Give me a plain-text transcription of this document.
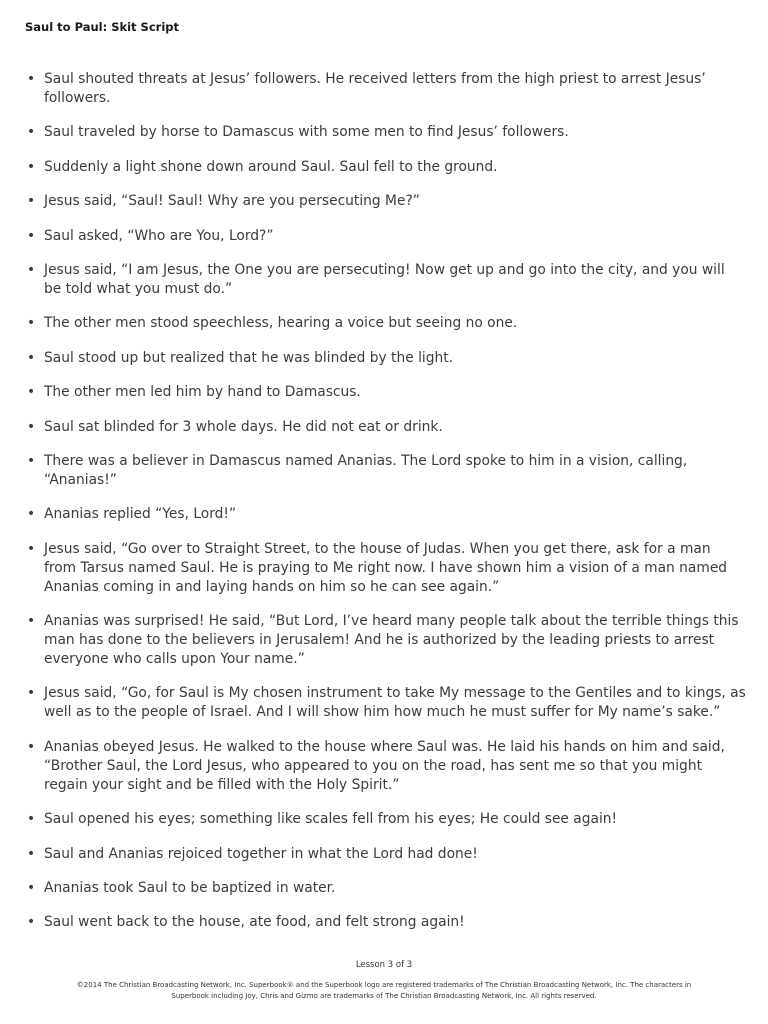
Saul to Paul: Skit Script
• Saul shouted threats at Jesus’ followers. He received letters from the high priest to arrest Jesus’ followers.
• Saul traveled by horse to Damascus with some men to find Jesus’ followers.
• Suddenly a light shone down around Saul. Saul fell to the ground.
• Jesus said, “Saul! Saul! Why are you persecuting Me?”
• Saul asked, “Who are You, Lord?”
• Jesus said, “I am Jesus, the One you are persecuting! Now get up and go into the city, and you will be told what you must do.”
• The other men stood speechless, hearing a voice but seeing no one.
• Saul stood up but realized that he was blinded by the light.
• The other men led him by hand to Damascus.
• Saul sat blinded for 3 whole days. He did not eat or drink.
• There was a believer in Damascus named Ananias. The Lord spoke to him in a vision, calling, “Ananias!”
• Ananias replied “Yes, Lord!”
• Jesus said, “Go over to Straight Street, to the house of Judas. When you get there, ask for a man from Tarsus named Saul. He is praying to Me right now. I have shown him a vision of a man named Ananias coming in and laying hands on him so he can see again.”
• Ananias was surprised! He said, “But Lord, I’ve heard many people talk about the terrible things this man has done to the believers in Jerusalem! And he is authorized by the leading priests to arrest everyone who calls upon Your name.”
• Jesus said, “Go, for Saul is My chosen instrument to take My message to the Gentiles and to kings, as well as to the people of Israel. And I will show him how much he must suffer for My name’s sake.”
• Ananias obeyed Jesus. He walked to the house where Saul was. He laid his hands on him and said, “Brother Saul, the Lord Jesus, who appeared to you on the road, has sent me so that you might regain your sight and be filled with the Holy Spirit.”
• Saul opened his eyes; something like scales fell from his eyes; He could see again!
• Saul and Ananias rejoiced together in what the Lord had done!
• Ananias took Saul to be baptized in water.
• Saul went back to the house, ate food, and felt strong again!
Lesson 3 of 3
©2014 The Christian Broadcasting Network, Inc. Superbook® and the Superbook logo are registered trademarks of The Christian Broadcasting Network, Inc. The characters in Superbook including Joy, Chris and Gizmo are trademarks of The Christian Broadcasting Network, Inc. All rights reserved.
